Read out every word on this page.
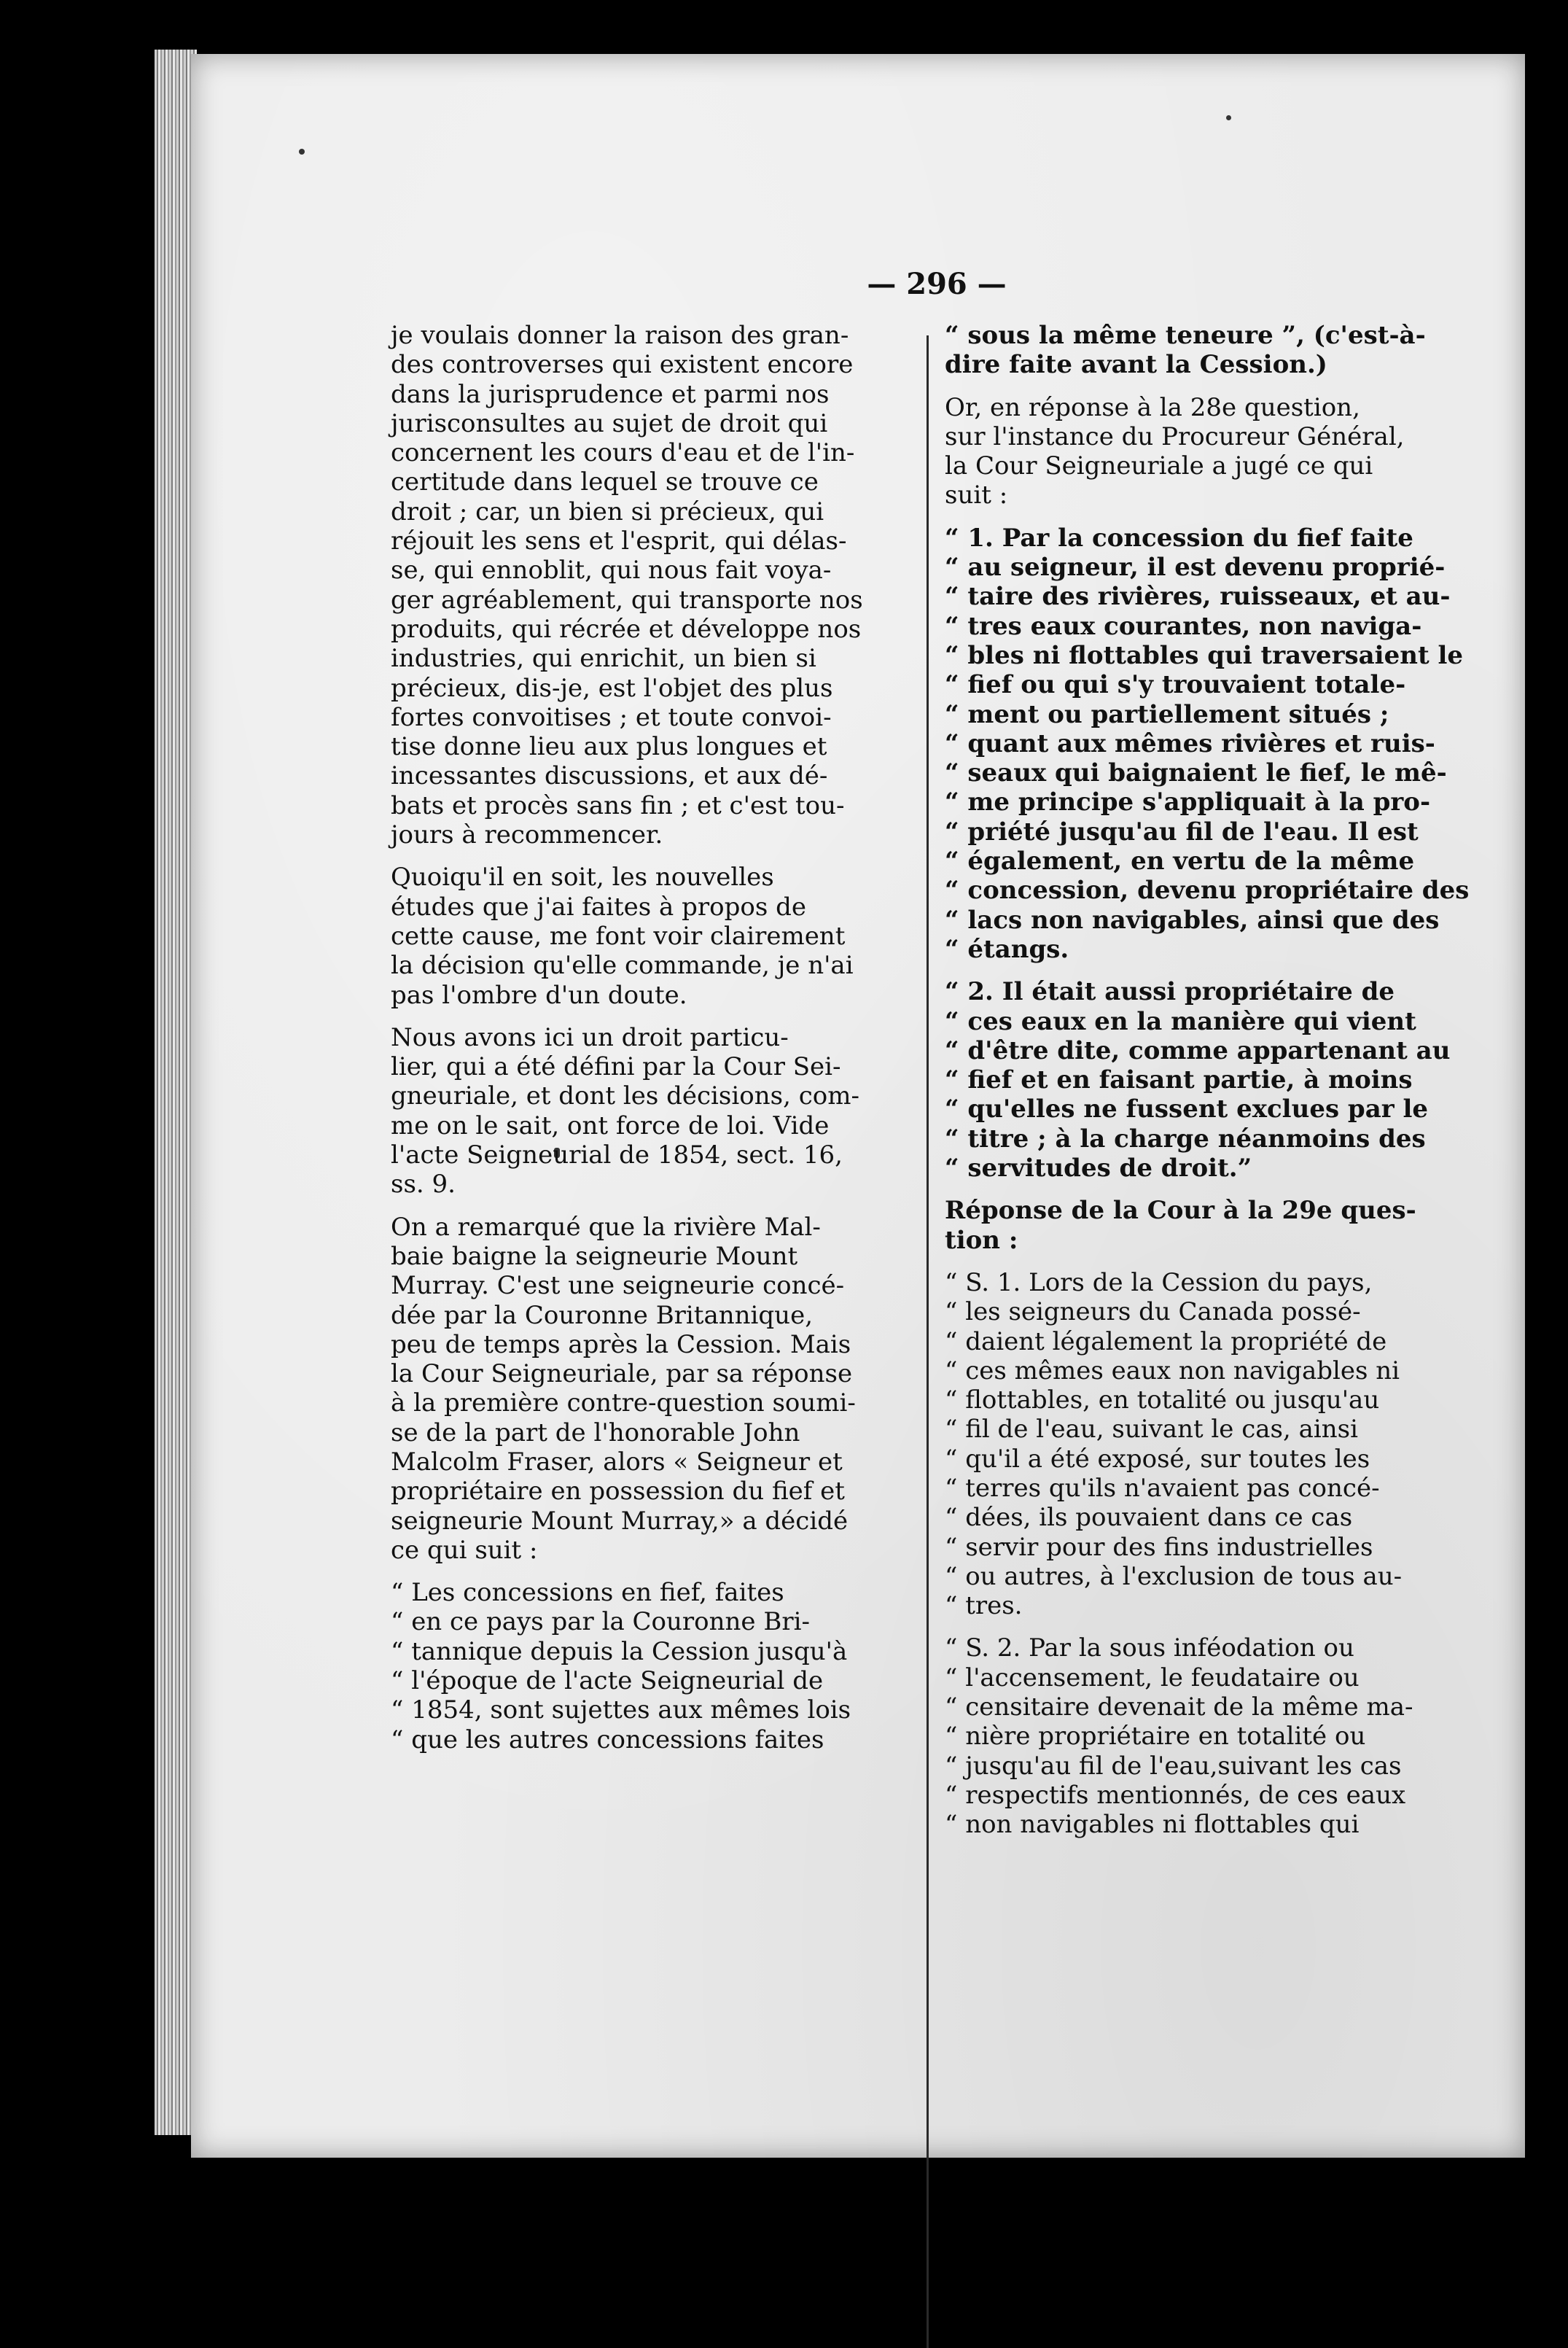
— 296 —

je voulais donner la raison des gran-
des controverses qui existent encore
dans la jurisprudence et parmi nos
jurisconsultes au sujet de droit qui
concernent les cours d'eau et de l'in-
certitude dans lequel se trouve ce
droit ; car, un bien si précieux, qui
réjouit les sens et l'esprit, qui délas-
se, qui ennoblit, qui nous fait voya-
ger agréablement, qui transporte nos
produits, qui récrée et développe nos
industries, qui enrichit, un bien si
précieux, dis-je, est l'objet des plus
fortes convoitises ; et toute convoi-
tise donne lieu aux plus longues et
incessantes discussions, et aux dé-
bats et procès sans fin ; et c'est tou-
jours à recommencer.

Quoiqu'il en soit, les nouvelles
études que j'ai faites à propos de
cette cause, me font voir clairement
la décision qu'elle commande, je n'ai
pas l'ombre d'un doute.

Nous avons ici un droit particu-
lier, qui a été défini par la Cour Sei-
gneuriale, et dont les décisions, com-
me on le sait, ont force de loi. Vide
l'acte Seigneurial de 1854, sect. 16,
ss. 9.

On a remarqué que la rivière Mal-
baie baigne la seigneurie Mount
Murray. C'est une seigneurie concé-
dée par la Couronne Britannique,
peu de temps après la Cession. Mais
la Cour Seigneuriale, par sa réponse
à la première contre-question soumi-
se de la part de l'honorable John
Malcolm Fraser, alors « Seigneur et
propriétaire en possession du fief et
seigneurie Mount Murray,» a décidé
ce qui suit :

“ Les concessions en fief, faites
“ en ce pays par la Couronne Bri-
“ tannique depuis la Cession jusqu'à
“ l'époque de l'acte Seigneurial de
“ 1854, sont sujettes aux mêmes lois
“ que les autres concessions faites

“ sous la même teneure ”, (c'est-à-
dire faite avant la Cession.)

Or, en réponse à la 28e question,
sur l'instance du Procureur Général,
la Cour Seigneuriale a jugé ce qui
suit :

“ 1. Par la concession du fief faite
“ au seigneur, il est devenu proprié-
“ taire des rivières, ruisseaux, et au-
“ tres eaux courantes, non naviga-
“ bles ni flottables qui traversaient le
“ fief ou qui s'y trouvaient totale-
“ ment ou partiellement situés ;
“ quant aux mêmes rivières et ruis-
“ seaux qui baignaient le fief, le mê-
“ me principe s'appliquait à la pro-
“ priété jusqu'au fil de l'eau. Il est
“ également, en vertu de la même
“ concession, devenu propriétaire des
“ lacs non navigables, ainsi que des
“ étangs.

“ 2. Il était aussi propriétaire de
“ ces eaux en la manière qui vient
“ d'être dite, comme appartenant au
“ fief et en faisant partie, à moins
“ qu'elles ne fussent exclues par le
“ titre ; à la charge néanmoins des
“ servitudes de droit.”

Réponse de la Cour à la 29e ques-
tion :

“ S. 1. Lors de la Cession du pays,
“ les seigneurs du Canada possé-
“ daient légalement la propriété de
“ ces mêmes eaux non navigables ni
“ flottables, en totalité ou jusqu'au
“ fil de l'eau, suivant le cas, ainsi
“ qu'il a été exposé, sur toutes les
“ terres qu'ils n'avaient pas concé-
“ dées, ils pouvaient dans ce cas
“ servir pour des fins industrielles
“ ou autres, à l'exclusion de tous au-
“ tres.

“ S. 2. Par la sous inféodation ou
“ l'accensement, le feudataire ou
“ censitaire devenait de la même ma-
“ nière propriétaire en totalité ou
“ jusqu'au fil de l'eau,suivant les cas
“ respectifs mentionnés, de ces eaux
“ non navigables ni flottables qui
